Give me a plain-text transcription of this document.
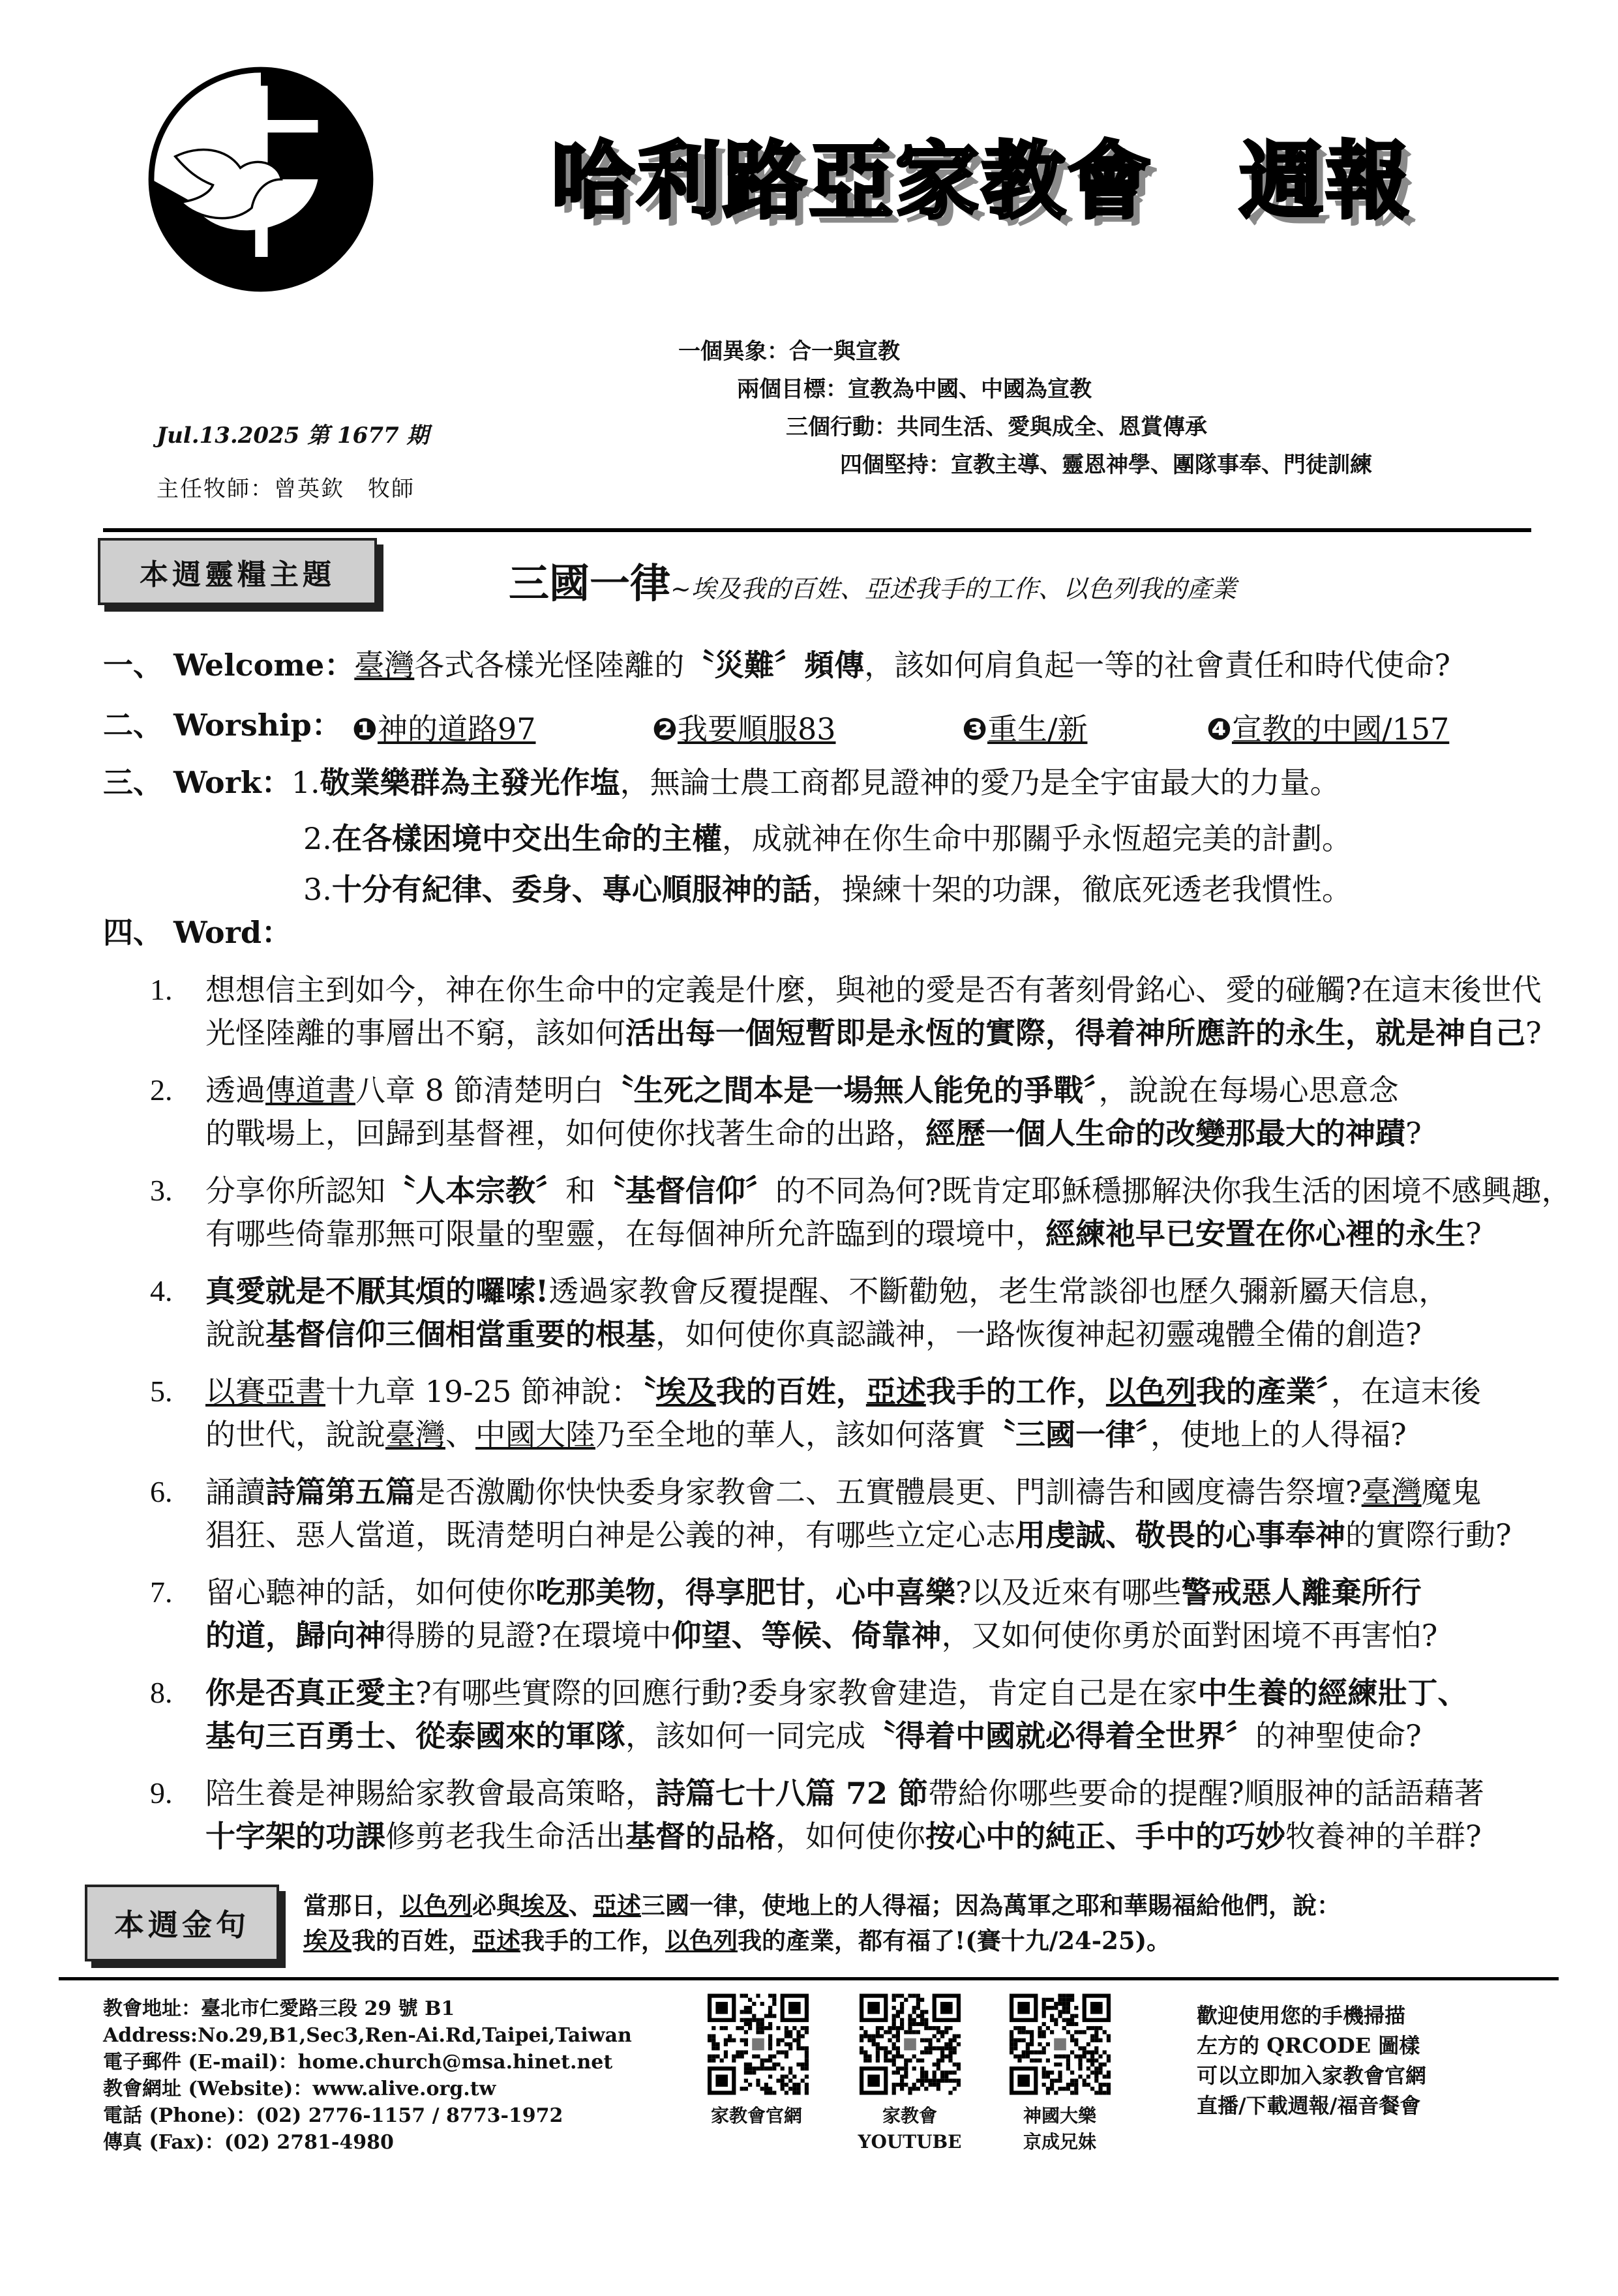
哈利路亞家教會　週報
一個異象：合一與宣教
兩個目標：宣教為中國、中國為宣教
三個行動：共同生活、愛與成全、恩賞傳承
四個堅持：宣教主導、靈恩神學、團隊事奉、門徒訓練
Jul.13.2025 第 1677 期
主任牧師：曾英欽　牧師
本週靈糧主題	三國一律~埃及我的百姓、亞述我手的工作、以色列我的產業
一、 Welcome：臺灣各式各樣光怪陸離的〝災難〞頻傳，該如何肩負起一等的社會責任和時代使命?
二、 Worship： ❶神的道路97	❷我要順服83	❸重生/新	❹宣教的中國/157
三、 Work：1.敬業樂群為主發光作塩，無論士農工商都見證神的愛乃是全宇宙最大的力量。
2.在各樣困境中交出生命的主權，成就神在你生命中那關乎永恆超完美的計劃。
3.十分有紀律、委身、專心順服神的話，操練十架的功課，徹底死透老我慣性。
四、 Word：
1. 想想信主到如今，神在你生命中的定義是什麼，與祂的愛是否有著刻骨銘心、愛的碰觸?在這末後世代
光怪陸離的事層出不窮，該如何活出每一個短暫即是永恆的實際，得着神所應許的永生，就是神自己?
2. 透過傳道書八章 8 節清楚明白〝生死之間本是一場無人能免的爭戰〞，說說在每場心思意念
的戰場上，回歸到基督裡，如何使你找著生命的出路，經歷一個人生命的改變那最大的神蹟?
3. 分享你所認知〝人本宗教〞和〝基督信仰〞的不同為何?既肯定耶穌穩挪解決你我生活的困境不感興趣，
有哪些倚靠那無可限量的聖靈，在每個神所允許臨到的環境中，經練祂早已安置在你心裡的永生?
4. 真愛就是不厭其煩的囉嗦!透過家教會反覆提醒、不斷勸勉，老生常談卻也歷久彌新屬天信息，
說說基督信仰三個相當重要的根基，如何使你真認識神，一路恢復神起初靈魂體全備的創造?
5. 以賽亞書十九章 19-25 節神說：〝埃及我的百姓，亞述我手的工作，以色列我的產業〞，在這末後
的世代，說說臺灣、中國大陸乃至全地的華人，該如何落實〝三國一律〞，使地上的人得福?
6. 誦讀詩篇第五篇是否激勵你快快委身家教會二、五實體晨更、門訓禱告和國度禱告祭壇?臺灣魔鬼
猖狂、惡人當道，既清楚明白神是公義的神，有哪些立定心志用虔誠、敬畏的心事奉神的實際行動?
7. 留心聽神的話，如何使你吃那美物，得享肥甘，心中喜樂?以及近來有哪些警戒惡人離棄所行
的道，歸向神得勝的見證?在環境中仰望、等候、倚靠神，又如何使你勇於面對困境不再害怕?
8. 你是否真正愛主?有哪些實際的回應行動?委身家教會建造，肯定自己是在家中生養的經練壯丁、
基句三百勇士、從泰國來的軍隊，該如何一同完成〝得着中國就必得着全世界〞的神聖使命?
9. 陪生養是神賜給家教會最高策略，詩篇七十八篇 72 節帶給你哪些要命的提醒?順服神的話語藉著
十字架的功課修剪老我生命活出基督的品格，如何使你按心中的純正、手中的巧妙牧養神的羊群?
本週金句
當那日，以色列必與埃及、亞述三國一律，使地上的人得福；因為萬軍之耶和華賜福給他們，說：
埃及我的百姓，亞述我手的工作，以色列我的產業，都有福了!(賽十九/24-25)。
教會地址：臺北市仁愛路三段 29 號 B1
Address:No.29,B1,Sec3,Ren-Ai.Rd,Taipei,Taiwan
電子郵件 (E-mail)：home.church@msa.hinet.net
教會網址 (Website)：www.alive.org.tw
電話 (Phone)：(02) 2776-1157 / 8773-1972
傳真 (Fax)：(02) 2781-4980
家教會官網	家教會
YOUTUBE
神國大樂
京成兄妹
歡迎使用您的手機掃描
左方的 QRCODE 圖樣
可以立即加入家教會官網
直播/下載週報/福音餐會
